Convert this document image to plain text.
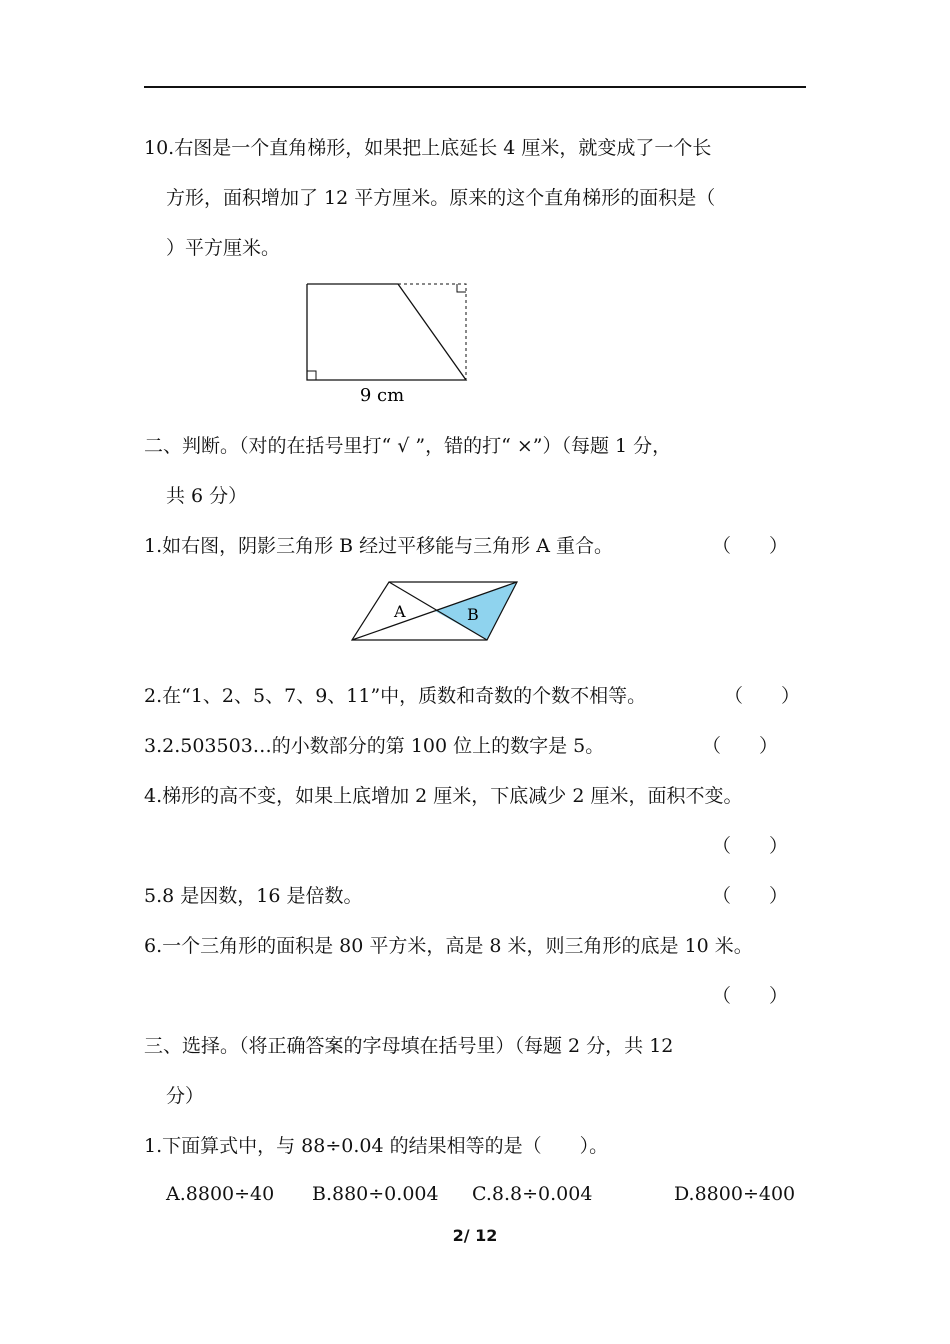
10.右图是一个直角梯形，如果把上底延长 4 厘米，就变成了一个长
方形，面积增加了 12 平方厘米。原来的这个直角梯形的面积是（
）平方厘米。
9 cm
二、判断。（对的在括号里打“ √ ”，错的打“ ×”）（每题 1 分，
共 6 分）
1.如右图，阴影三角形 B 经过平移能与三角形 A 重合。	（　　）
A	B
2.在“1、2、5、7、9、11”中，质数和奇数的个数不相等。	（　　）
3.2.503503…的小数部分的第 100 位上的数字是 5。	（　　）
4.梯形的高不变，如果上底增加 2 厘米，下底减少 2 厘米，面积不变。
（　　）
5.8 是因数，16 是倍数。	（　　）
6.一个三角形的面积是 80 平方米，高是 8 米，则三角形的底是 10 米。
（　　）
三、选择。（将正确答案的字母填在括号里）（每题 2 分，共 12
分）
1.下面算式中，与 88÷0.04 的结果相等的是（　　）。
A.8800÷40 B.880÷0.004 C.8.8÷0.004	D.8800÷400
2/ 12
